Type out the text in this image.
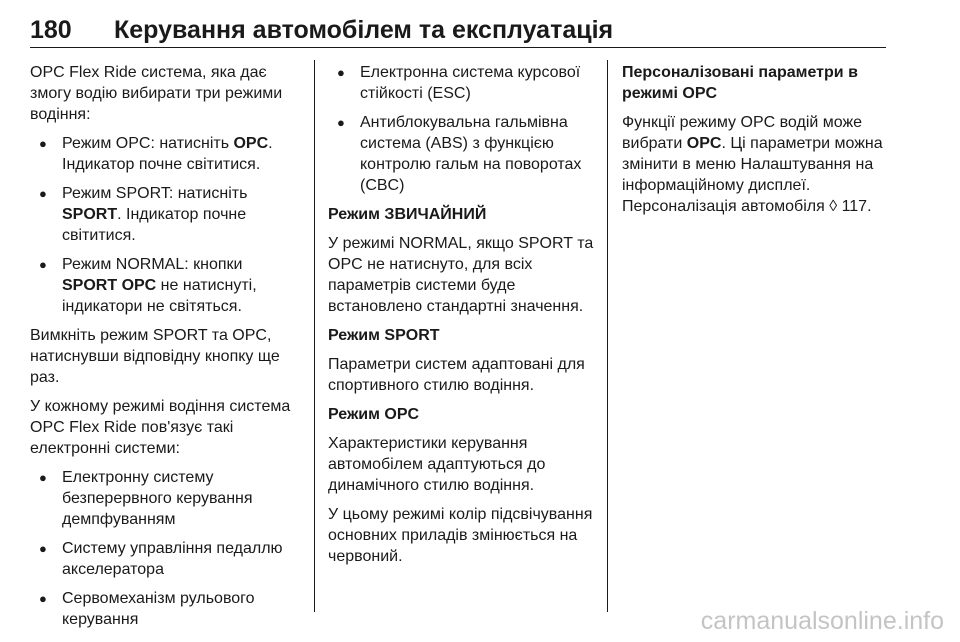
180 Керування автомобілем та експлуатація

OPC Flex Ride система, яка дає змогу водію вибирати три режими водіння:

● Режим OPC: натисніть OPC. Індикатор почне світитися.
● Режим SPORT: натисніть SPORT. Індикатор почне світитися.
● Режим NORMAL: кнопки SPORT OPC не натиснуті, індикатори не світяться.

Вимкніть режим SPORT та OPC, натиснувши відповідну кнопку ще раз.

У кожному режимі водіння система OPC Flex Ride пов'язує такі електронні системи:

● Електронну систему безперервного керування демпфуванням
● Систему управління педаллю акселератора
● Сервомеханізм рульового керування
● Електронна система курсової стійкості (ESC)
● Антиблокувальна гальмівна система (ABS) з функцією контролю гальм на поворотах (CBC)

Режим ЗВИЧАЙНИЙ

У режимі NORMAL, якщо SPORT та OPC не натиснуто, для всіх параметрів системи буде встановлено стандартні значення.

Режим SPORT

Параметри систем адаптовані для спортивного стилю водіння.

Режим OPC

Характеристики керування автомобілем адаптуються до динамічного стилю водіння.

У цьому режимі колір підсвічування основних приладів змінюється на червоний.

Персоналізовані параметри в режимі OPC

Функції режиму OPC водій може вибрати OPC. Ці параметри можна змінити в меню Налаштування на інформаційному дисплеї.
Персоналізація автомобіля ◊ 117.

carmanualsonline.info
